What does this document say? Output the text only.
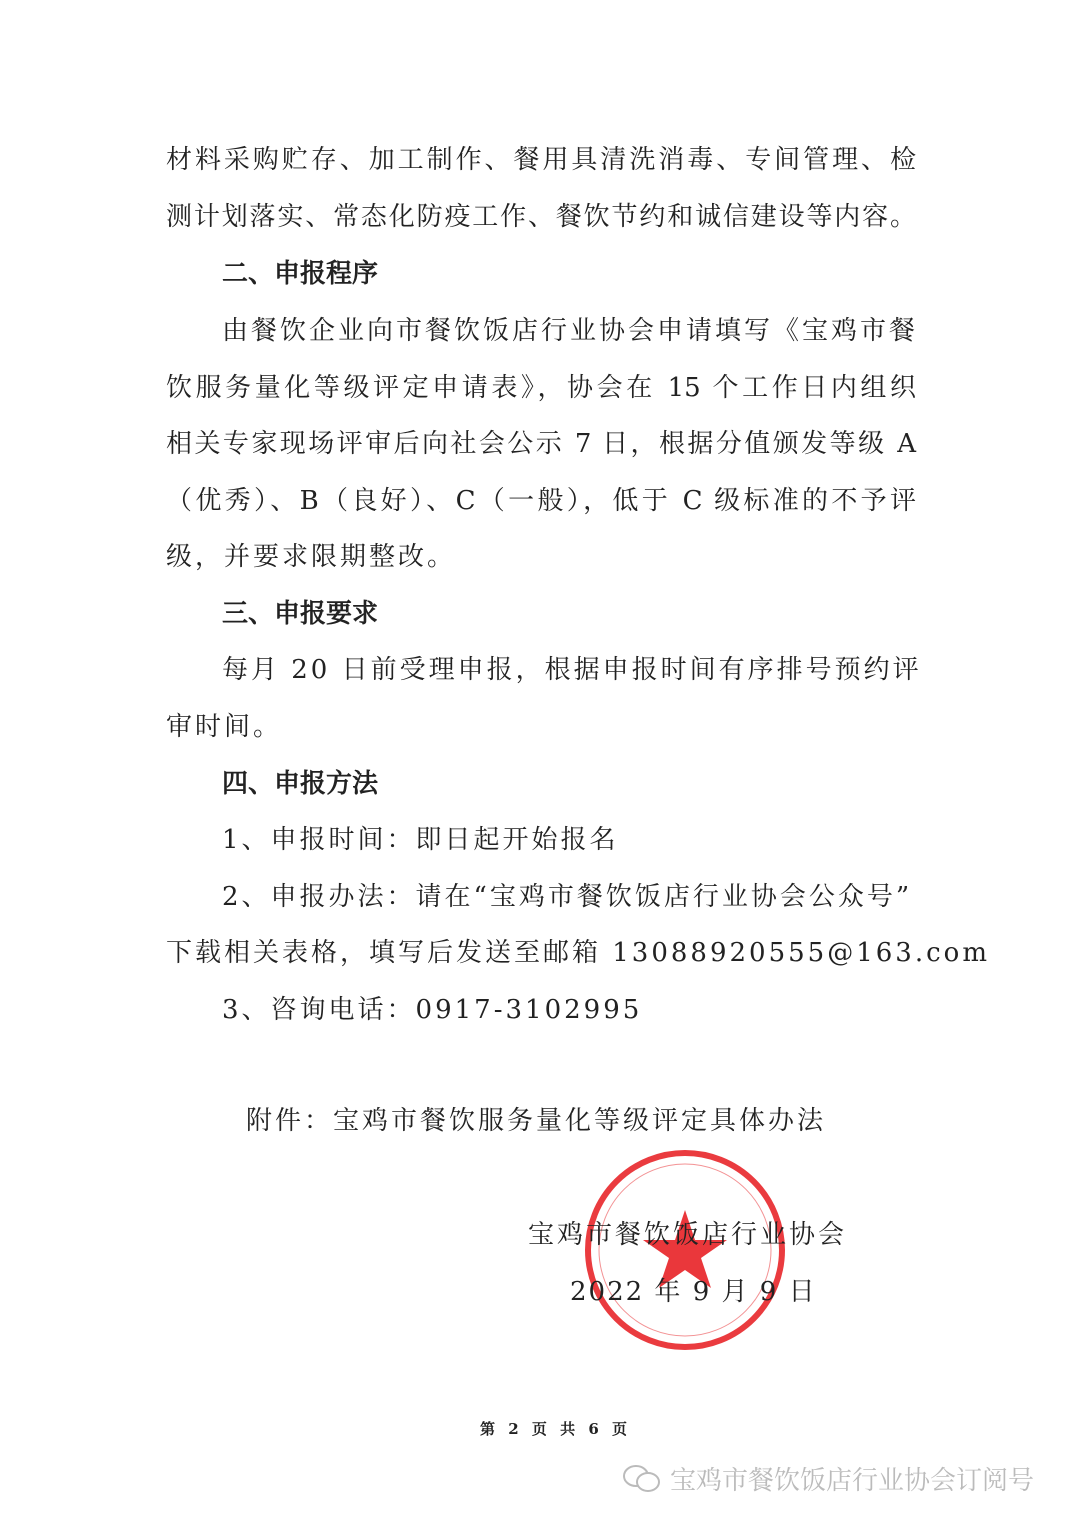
材料采购贮存、加工制作、餐用具清洗消毒、专间管理、检
测计划落实、常态化防疫工作、餐饮节约和诚信建设等内容。
二、申报程序
由餐饮企业向市餐饮饭店行业协会申请填写《宝鸡市餐
饮服务量化等级评定申请表》，协会在 15 个工作日内组织
相关专家现场评审后向社会公示 7 日，根据分值颁发等级 A
（优秀）、B（良好）、C（一般），低于 C 级标准的不予评
级，并要求限期整改。
三、申报要求
每月 20 日前受理申报，根据申报时间有序排号预约评
审时间。
四、申报方法
1、申报时间：即日起开始报名
2、申报办法：请在“宝鸡市餐饮饭店行业协会公众号”
下载相关表格，填写后发送至邮箱 13088920555@163.com
3、咨询电话：0917-3102995
附件：宝鸡市餐饮服务量化等级评定具体办法
宝鸡市餐饮饭店行业协会
2022 年 9 月 9 日
第 2 页 共 6 页
宝鸡市餐饮饭店行业协会订阅号
